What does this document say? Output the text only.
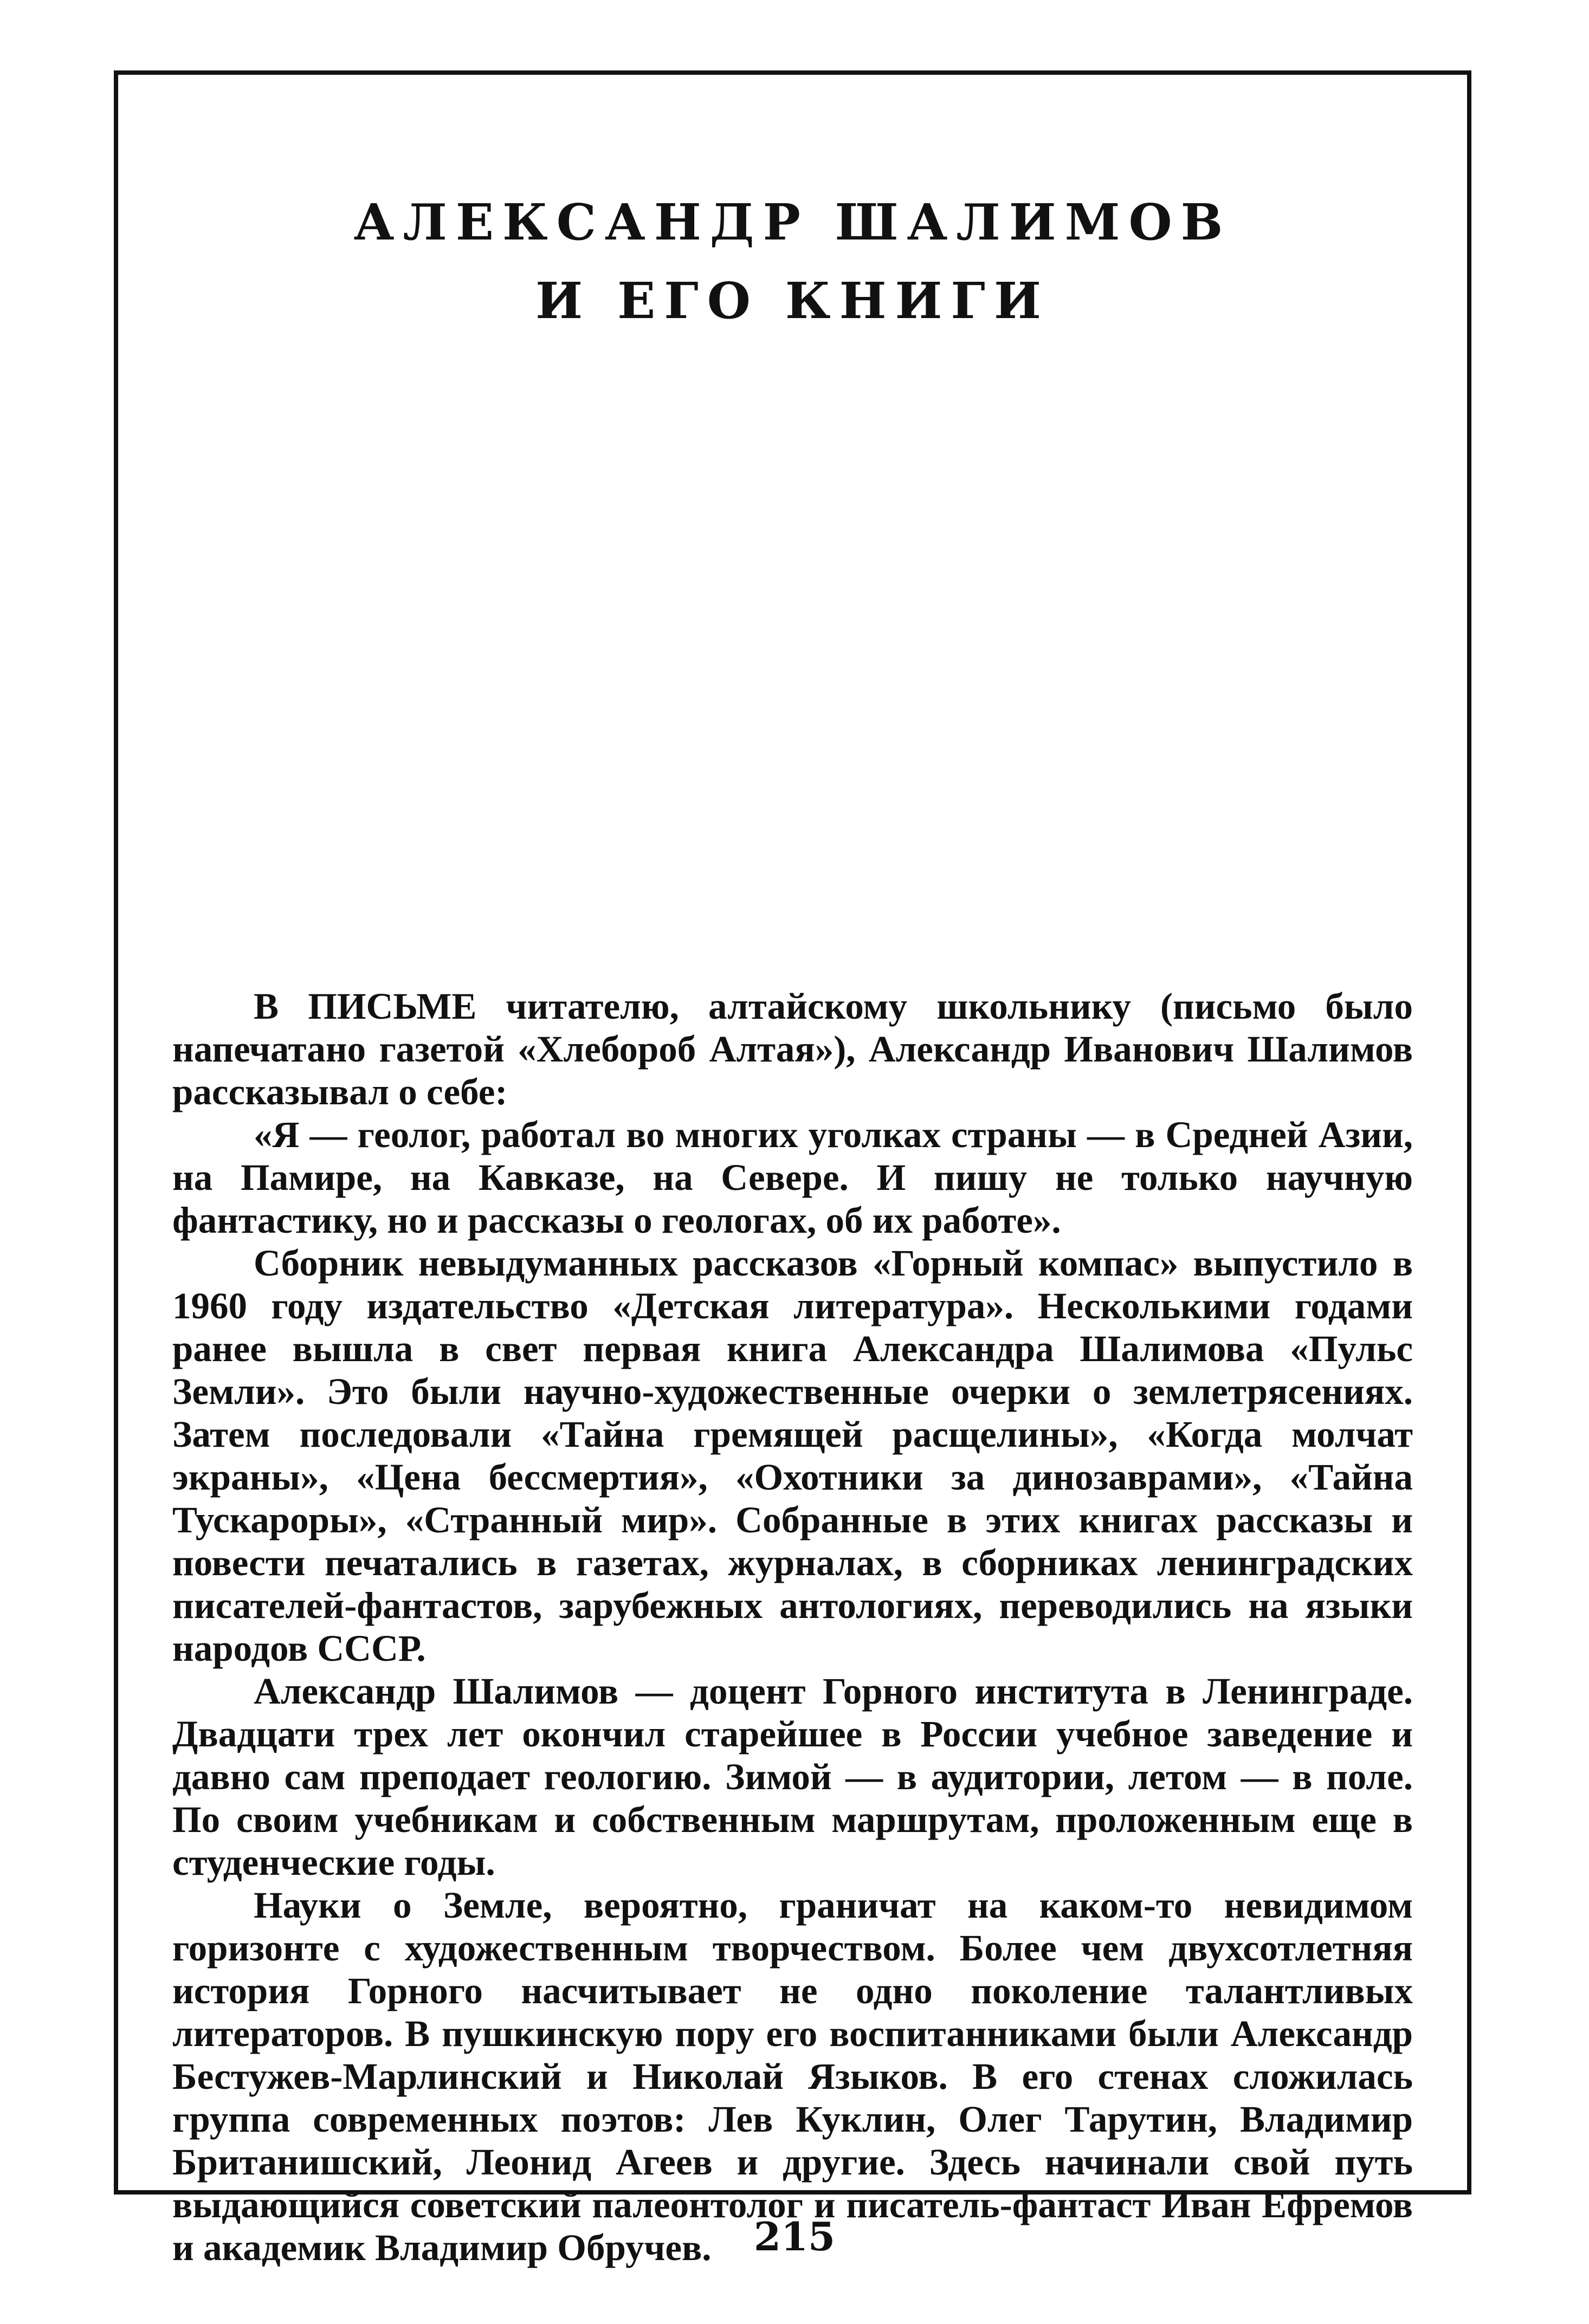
АЛЕКСАНДР ШАЛИМОВ
И ЕГО КНИГИ

В ПИСЬМЕ читателю, алтайскому школьнику (письмо было напечатано газетой «Хлебороб Алтая»), Александр Иванович Шалимов рассказывал о себе:

«Я — геолог, работал во многих уголках страны — в Средней Азии, на Памире, на Кавказе, на Севере. И пишу не только научную фантастику, но и рассказы о геологах, об их работе».

Сборник невыдуманных рассказов «Горный компас» выпустило в 1960 году издательство «Детская литература». Несколькими годами ранее вышла в свет первая книга Александра Шалимова «Пульс Земли». Это были научно-художественные очерки о землетрясениях. Затем последовали «Тайна гремящей расщелины», «Когда молчат экраны», «Цена бессмертия», «Охотники за динозаврами», «Тайна Тускароры», «Странный мир». Собранные в этих книгах рассказы и повести печатались в газетах, журналах, в сборниках ленинградских писателей-фантастов, зарубежных антологиях, переводились на языки народов СССР.

Александр Шалимов — доцент Горного института в Ленинграде. Двадцати трех лет окончил старейшее в России учебное заведение и давно сам преподает геологию. Зимой — в аудитории, летом — в поле. По своим учебникам и собственным маршрутам, проложенным еще в студенческие годы.

Науки о Земле, вероятно, граничат на каком-то невидимом горизонте с художественным творчеством. Более чем двухсотлетняя история Горного насчитывает не одно поколение талантливых литераторов. В пушкинскую пору его воспитанниками были Александр Бестужев-Марлинский и Николай Языков. В его стенах сложилась группа современных поэтов: Лев Куклин, Олег Тарутин, Владимир Британишский, Леонид Агеев и другие. Здесь начинали свой путь выдающийся советский палеонтолог и писатель-фантаст Иван Ефремов и академик Владимир Обручев.	215
